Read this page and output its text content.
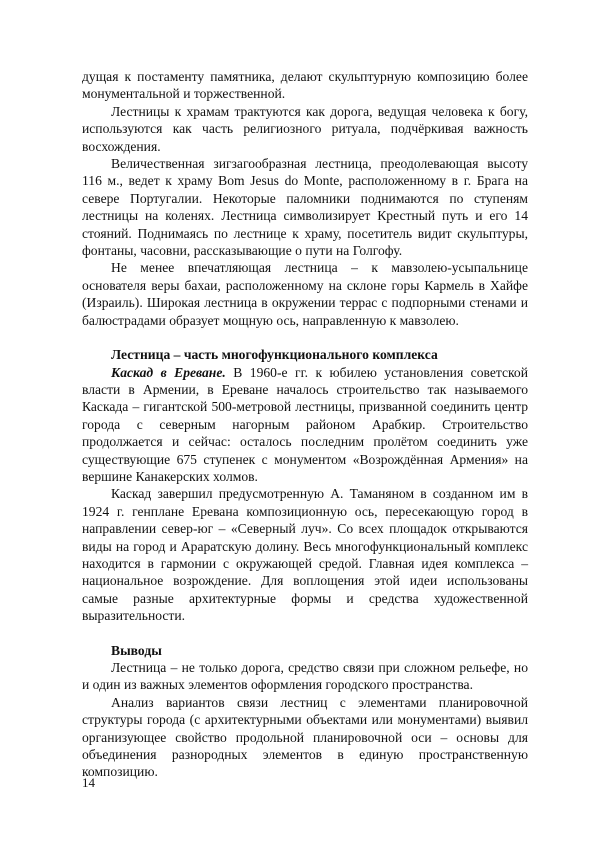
дущая к постаменту памятника, делают скульптурную композицию более монументальной и торжественной.

Лестницы к храмам трактуются как дорога, ведущая человека к богу, используются как часть религиозного ритуала, подчёркивая важность восхождения.

Величественная зигзагообразная лестница, преодолевающая высоту 116 м., ведет к храму Bom Jesus do Monte, расположенному в г. Брага на севере Португалии. Некоторые паломники поднимаются по ступеням лестницы на коленях. Лестница символизирует Крестный путь и его 14 стояний. Поднимаясь по лестнице к храму, посетитель видит скульптуры, фонтаны, часовни, рассказывающие о пути на Голгофу.

Не менее впечатляющая лестница – к мавзолею-усыпальнице основателя веры бахаи, расположенному на склоне горы Кармель в Хайфе (Израиль). Широкая лестница в окружении террас с подпорными стенами и балюстрадами образует мощную ось, направленную к мавзолею.

Лестница – часть многофункционального комплекса

Каскад в Ереване. В 1960-е гг. к юбилею установления советской власти в Армении, в Ереване началось строительство так называемого Каскада – гигантской 500-метровой лестницы, призванной соединить центр города с северным нагорным районом Арабкир. Строительство продолжается и сейчас: осталось последним пролётом соединить уже существующие 675 ступенек с монументом «Возрождённая Армения» на вершине Канакерских холмов.

Каскад завершил предусмотренную А. Таманяном в созданном им в 1924 г. генплане Еревана композиционную ось, пересекающую город в направлении север-юг – «Северный луч». Со всех площадок открываются виды на город и Араратскую долину. Весь многофункциональный комплекс находится в гармонии с окружающей средой. Главная идея комплекса – национальное возрождение. Для воплощения этой идеи использованы самые разные архитектурные формы и средства художественной выразительности.

Выводы

Лестница – не только дорога, средство связи при сложном рельефе, но и один из важных элементов оформления городского пространства.

Анализ вариантов связи лестниц с элементами планировочной структуры города (с архитектурными объектами или монументами) выявил организующее свойство продольной планировочной оси – основы для объединения разнородных элементов в единую пространственную композицию.

14
